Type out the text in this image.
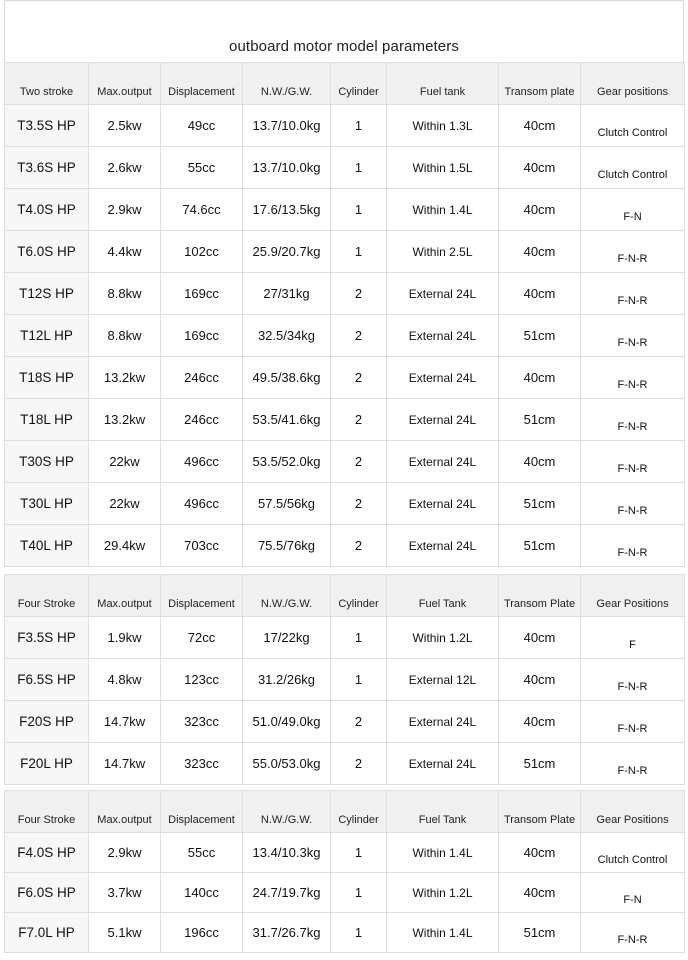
outboard motor model parameters
Two stroke	Max.output	Displacement	N.W./G.W.	Cylinder	Fuel tank	Transom plate	Gear positions
T3.5S HP	2.5kw	49cc	13.7/10.0kg	1	Within 1.3L	40cm	Clutch Control
T3.6S HP	2.6kw	55cc	13.7/10.0kg	1	Within 1.5L	40cm	Clutch Control
T4.0S HP	2.9kw	74.6cc	17.6/13.5kg	1	Within 1.4L	40cm	F-N
T6.0S HP	4.4kw	102cc	25.9/20.7kg	1	Within 2.5L	40cm	F-N-R
T12S HP	8.8kw	169cc	27/31kg	2	External 24L	40cm	F-N-R
T12L HP	8.8kw	169cc	32.5/34kg	2	External 24L	51cm	F-N-R
T18S HP	13.2kw	246cc	49.5/38.6kg	2	External 24L	40cm	F-N-R
T18L HP	13.2kw	246cc	53.5/41.6kg	2	External 24L	51cm	F-N-R
T30S HP	22kw	496cc	53.5/52.0kg	2	External 24L	40cm	F-N-R
T30L HP	22kw	496cc	57.5/56kg	2	External 24L	51cm	F-N-R
T40L HP	29.4kw	703cc	75.5/76kg	2	External 24L	51cm	F-N-R
Four Stroke	Max.output	Displacement	N.W./G.W.	Cylinder	Fuel Tank	Transom Plate	Gear Positions
F3.5S HP	1.9kw	72cc	17/22kg	1	Within 1.2L	40cm	F
F6.5S HP	4.8kw	123cc	31.2/26kg	1	External 12L	40cm	F-N-R
F20S HP	14.7kw	323cc	51.0/49.0kg	2	External 24L	40cm	F-N-R
F20L HP	14.7kw	323cc	55.0/53.0kg	2	External 24L	51cm	F-N-R
Four Stroke	Max.output	Displacement	N.W./G.W.	Cylinder	Fuel Tank	Transom Plate	Gear Positions
F4.0S HP	2.9kw	55cc	13.4/10.3kg	1	Within 1.4L	40cm	Clutch Control
F6.0S HP	3.7kw	140cc	24.7/19.7kg	1	Within 1.2L	40cm	F-N
F7.0L HP	5.1kw	196cc	31.7/26.7kg	1	Within 1.4L	51cm	F-N-R
